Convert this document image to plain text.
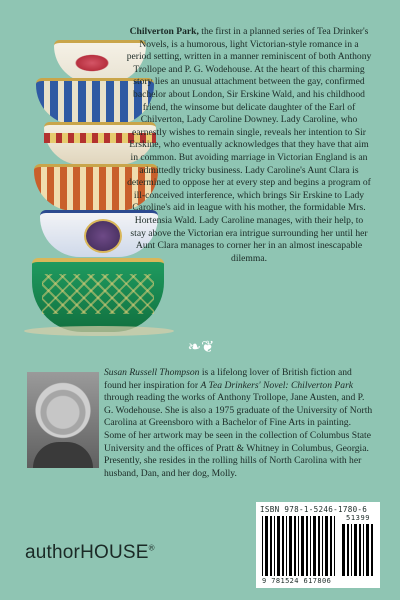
Chilverton Park, the first in a planned series of Tea Drinker's Novels, is a humorous, light Victorian-style romance in a period setting, written in a manner reminiscent of both Anthony Trollope and P. G. Wodehouse. At the heart of this charming story lies an unusual attachment between the gay, confirmed bachelor about London, Sir Erskine Wald, and his childhood friend, the winsome but delicate daughter of the Earl of Chilverton, Lady Caroline Downey. Lady Caroline, who earnestly wishes to remain single, reveals her intention to Sir Erskine, who eventually acknowledges that they have that aim in common. But avoiding marriage in Victorian England is an admittedly tricky business. Lady Caroline's Aunt Clara is determined to oppose her at every step and begins a program of ill-conceived interference, which brings Sir Erskine to Lady Caroline's aid in league with his mother, the formidable Mrs. Hortensia Wald. Lady Caroline manages, with their help, to stay above the Victorian era intrigue surrounding her until her Aunt Clara manages to corner her in an almost inescapable dilemma.

❧❦

Susan Russell Thompson is a lifelong lover of British fiction and found her inspiration for A Tea Drinkers' Novel: Chilverton Park through reading the works of Anthony Trollope, Jane Austen, and P. G. Wodehouse. She is also a 1975 graduate of the University of North Carolina at Greensboro with a Bachelor of Fine Arts in painting. Some of her artwork may be seen in the collection of Columbus State University and the offices of Pratt & Whitney in Columbus, Georgia. Presently, she resides in the rolling hills of North Carolina with her husband, Dan, and her dog, Molly.

authorHOUSE®
ISBN 978-1-5246-1780-6
51399
9 781524 617806
